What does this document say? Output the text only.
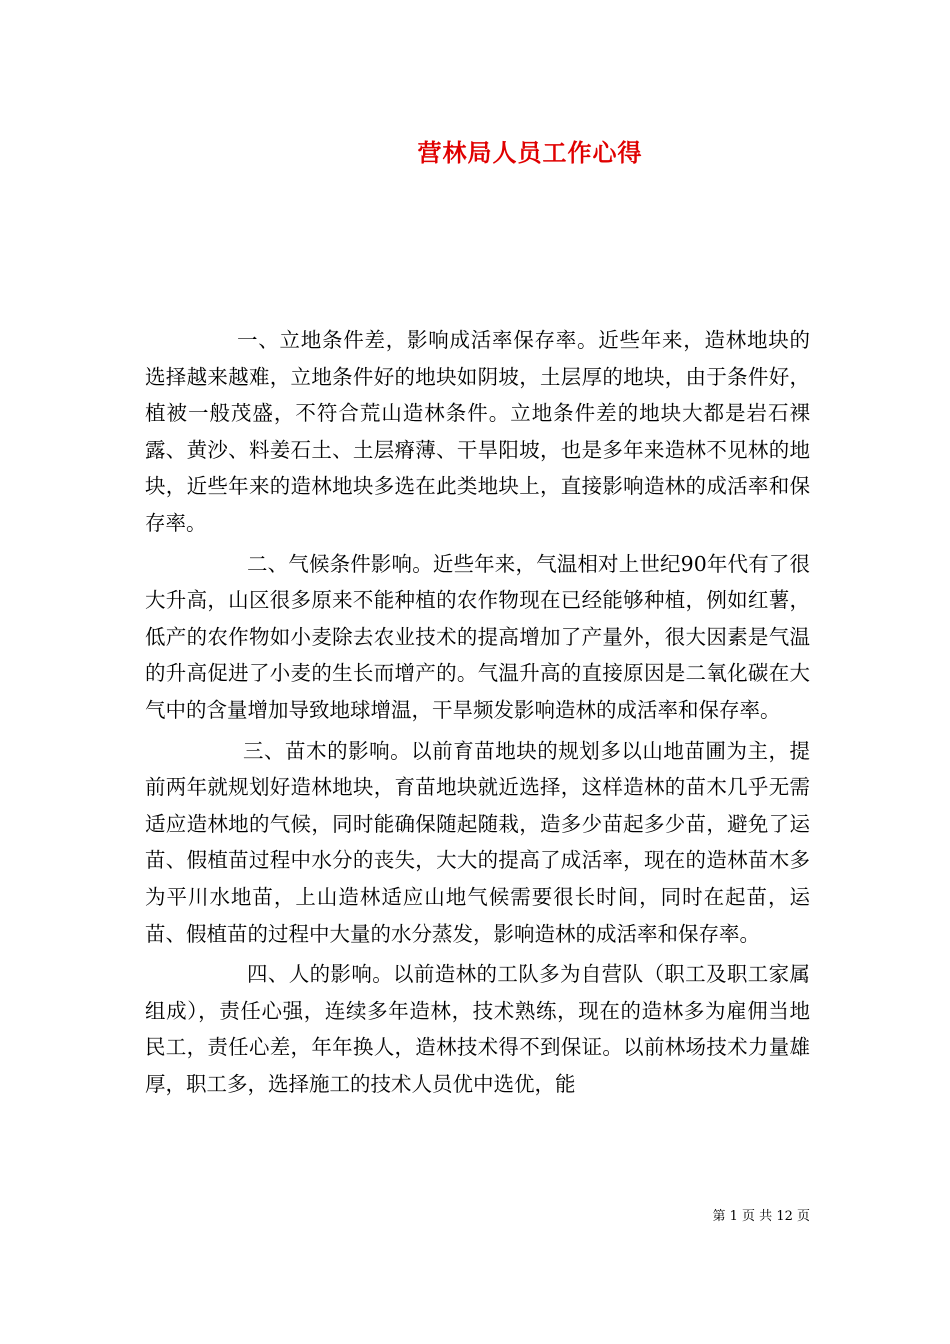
营林局人员工作心得

一、立地条件差，影响成活率保存率。近些年来，造林地块的选择越来越难，立地条件好的地块如阴坡，土层厚的地块，由于条件好，植被一般茂盛，不符合荒山造林条件。立地条件差的地块大都是岩石裸露、黄沙、料姜石土、土层瘠薄、干旱阳坡，也是多年来造林不见林的地块，近些年来的造林地块多选在此类地块上，直接影响造林的成活率和保存率。

二、气候条件影响。近些年来，气温相对上世纪90年代有了很大升高，山区很多原来不能种植的农作物现在已经能够种植，例如红薯，低产的农作物如小麦除去农业技术的提高增加了产量外，很大因素是气温的升高促进了小麦的生长而增产的。气温升高的直接原因是二氧化碳在大气中的含量增加导致地球增温，干旱频发影响造林的成活率和保存率。

三、苗木的影响。以前育苗地块的规划多以山地苗圃为主，提前两年就规划好造林地块，育苗地块就近选择，这样造林的苗木几乎无需适应造林地的气候，同时能确保随起随栽，造多少苗起多少苗，避免了运苗、假植苗过程中水分的丧失，大大的提高了成活率，现在的造林苗木多为平川水地苗，上山造林适应山地气候需要很长时间，同时在起苗，运苗、假植苗的过程中大量的水分蒸发，影响造林的成活率和保存率。

四、人的影响。以前造林的工队多为自营队（职工及职工家属组成），责任心强，连续多年造林，技术熟练，现在的造林多为雇佣当地民工，责任心差，年年换人，造林技术得不到保证。以前林场技术力量雄厚，职工多，选择施工的技术人员优中选优，能

第 1 页 共 12 页
